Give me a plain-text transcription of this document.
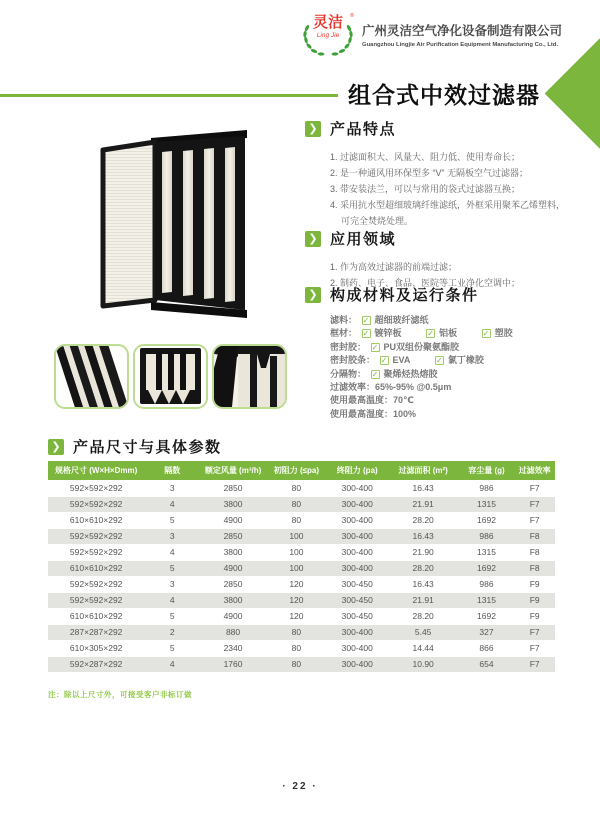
灵洁
Ling Jie
®
广州灵洁空气净化设备制造有限公司
Guangzhou Lingjie Air Purification Equipment Manufacturing Co., Ltd.
组合式中效过滤器
❯
产品特点
1. 过滤面积大、风量大、阻力低、使用寿命长；
2. 是一种通风用环保型多 “V” 无隔板空气过滤器；
3. 带安装法兰，可以与常用的袋式过滤器互换；
4. 采用抗水型超细玻璃纤维滤纸，外框采用聚苯乙烯塑料，
可完全焚烧处理。
❯
应用领域
1. 作为高效过滤器的前端过滤；
2. 制药、电子、食品、医院等工业净化空调中；
❯
构成材料及运行条件
滤料： ✓ 超细玻纤滤纸
框材： ✓ 镀锌板 ✓	铝板 ✓	塑胶
密封胶： ✓ PU双组份聚氨酯胶
密封胶条： ✓ EVA ✓	氯丁橡胶
分隔物： ✓ 聚烯烃热熔胶
过滤效率：65%-95% @0.5μm
使用最高温度：70℃
使用最高湿度：100%
❯
产品尺寸与具体参数
规格尺寸 (W×H×Dmm)	隔数	额定风量 (m³/h)	初阻力 (≤pa)	终阻力 (pa)	过滤面积 (m²)	容尘量 (g)	过滤效率
592×592×292	3	2850	80	300-400	16.43	986	F7
592×592×292	4	3800	80	300-400	21.91	1315	F7
610×610×292	5	4900	80	300-400	28.20	1692	F7
592×592×292	3	2850	100	300-400	16.43	986	F8
592×592×292	4	3800	100	300-400	21.90	1315	F8
610×610×292	5	4900	100	300-400	28.20	1692	F8
592×592×292	3	2850	120	300-450	16.43	986	F9
592×592×292	4	3800	120	300-450	21.91	1315	F9
610×610×292	5	4900	120	300-450	28.20	1692	F9
287×287×292	2	880	80	300-400	5.45	327	F7
610×305×292	5	2340	80	300-400	14.44	866	F7
592×287×292	4	1760	80	300-400	10.90	654	F7
注：除以上尺寸外，可接受客户非标订做
· 22 ·
